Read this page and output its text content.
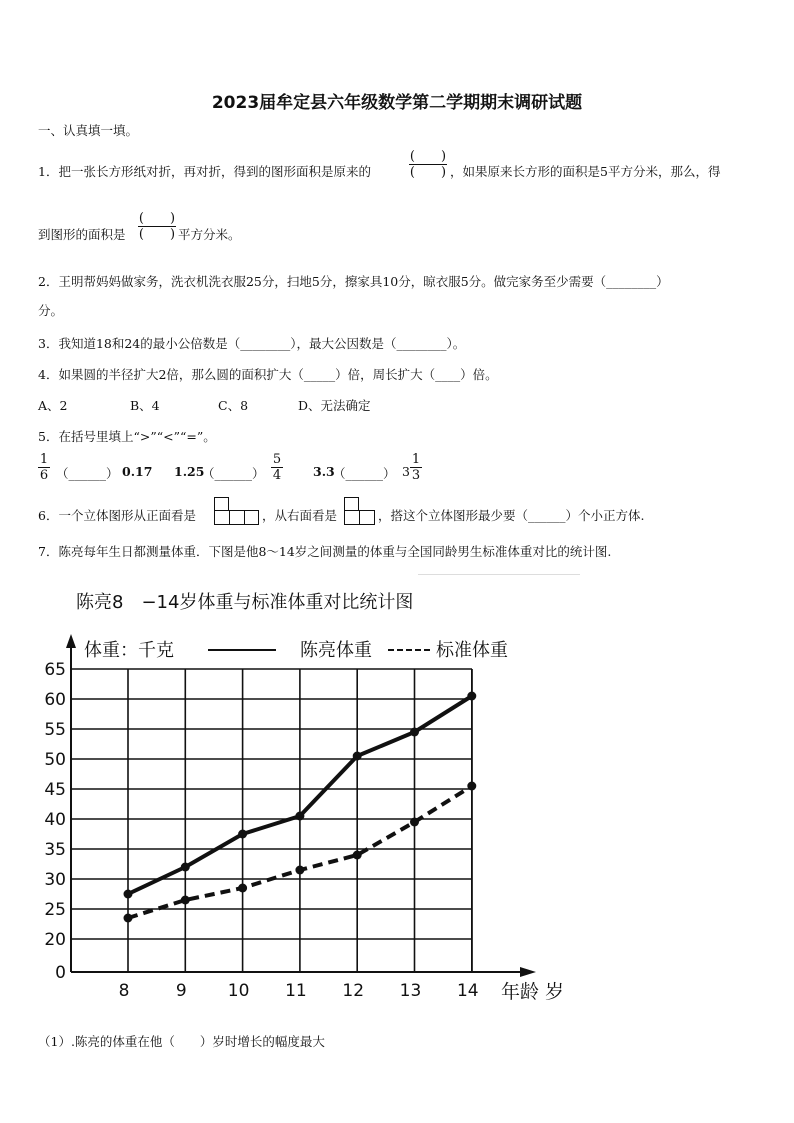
2023届牟定县六年级数学第二学期期末调研试题
一、认真填一填。
1．把一张长方形纸对折，再对折，得到的图形面积是原来的
(　　)
(　　) ，如果原来长方形的面积是5平方分米，那么，得
到图形的面积是
(　　)
(　　) 平方分米。
2．王明帮妈妈做家务，洗衣机洗衣服25分，扫地5分，擦家具10分，晾衣服5分。做完家务至少需要（________）
分。
3．我知道18和24的最小公倍数是（________），最大公因数是（________）。
4．如果圆的半径扩大2倍，那么圆的面积扩大（_____）倍，周长扩大（____）倍。
A、2	B、4	C、8	D、无法确定
5．在括号里填上“>”“<”“=”。
1
6 （______） 0.17 1.25
（______）
5
4	3.3
（______） 3
1
3
6．一个立体图形从正面看是	，从右面看是	，搭这个立体图形最少要（______）个小正方体.
7．陈亮每年生日都测量体重．下图是他8～14岁之间测量的体重与全国同龄男生标准体重对比的统计图.
陈亮8　−14岁体重与标准体重对比统计图
0
20
25
30
35
40
45
50
55
60
65
8	9 10 11 12 13 14 年龄 岁
体重：千克	陈亮体重	标准体重
（1）.陈亮的体重在他（　　）岁时增长的幅度最大
